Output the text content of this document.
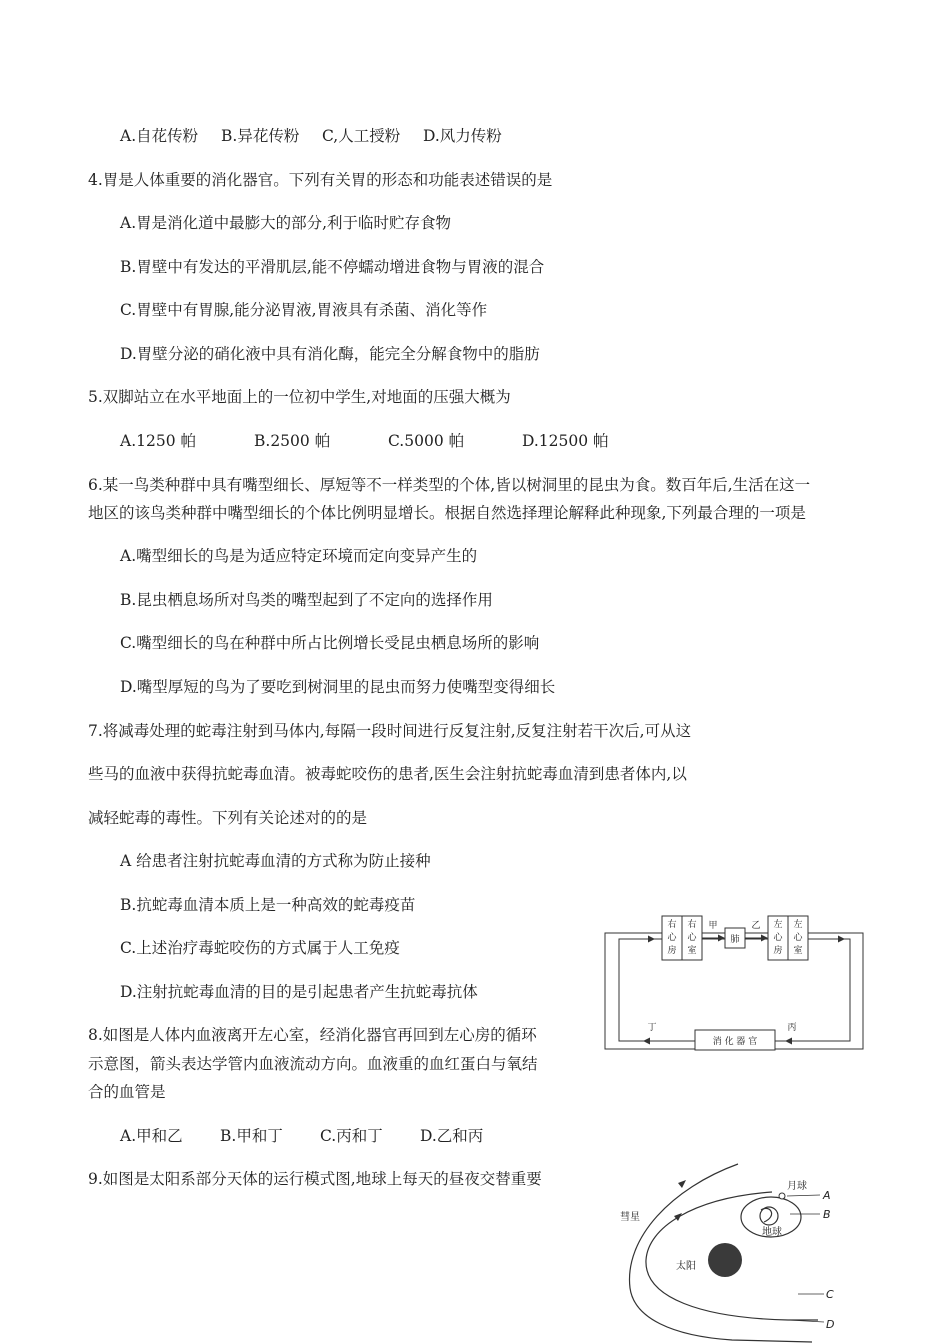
A.自花传粉 B.异花传粉 C,人工授粉 D.风力传粉
4.胃是人体重要的消化器官。下列有关胃的形态和功能表述错误的是
A.胃是消化道中最膨大的部分,利于临时贮存食物
B.胃壁中有发达的平滑肌层,能不停蠕动增进食物与胃液的混合
C.胃壁中有胃腺,能分泌胃液,胃液具有杀菌、消化等作
D.胃壁分泌的硝化液中具有消化酶，能完全分解食物中的脂肪
5.双脚站立在水平地面上的一位初中学生,对地面的压强大概为
A.1250 帕	B.2500 帕	C.5000 帕	D.12500 帕
6.某一鸟类种群中具有嘴型细长、厚短等不一样类型的个体,皆以树洞里的昆虫为食。数百年后,生活在这一
地区的该鸟类种群中嘴型细长的个体比例明显增长。根据自然选择理论解释此种现象,下列最合理的一项是
A.嘴型细长的鸟是为适应特定环境而定向变异产生的
B.昆虫栖息场所对鸟类的嘴型起到了不定向的选择作用
C.嘴型细长的鸟在种群中所占比例增长受昆虫栖息场所的影响
D.嘴型厚短的鸟为了要吃到树洞里的昆虫而努力使嘴型变得细长
7.将减毒处理的蛇毒注射到马体内,每隔一段时间进行反复注射,反复注射若干次后,可从这
些马的血液中获得抗蛇毒血清。被毒蛇咬伤的患者,医生会注射抗蛇毒血清到患者体内,以
减轻蛇毒的毒性。下列有关论述对的的是
A 给患者注射抗蛇毒血清的方式称为防止接种
B.抗蛇毒血清本质上是一种高效的蛇毒疫苗
C.上述治疗毒蛇咬伤的方式属于人工免疫
D.注射抗蛇毒血清的目的是引起患者产生抗蛇毒抗体
8.如图是人体内血液离开左心室，经消化器官再回到左心房的循环
示意图，箭头表达学管内血液流动方向。血液重的血红蛋白与氧结
合的血管是
A.甲和乙 B.甲和丁 C.丙和丁 D.乙和丙
9.如图是太阳系部分天体的运行模式图,地球上每天的昼夜交替重要
右
心
房
右
心
室
左
心
房
左
心
室
肺
甲	乙
丁	丙
消 化 器 官
彗星
月球
地球
太阳
A
B
C
D
